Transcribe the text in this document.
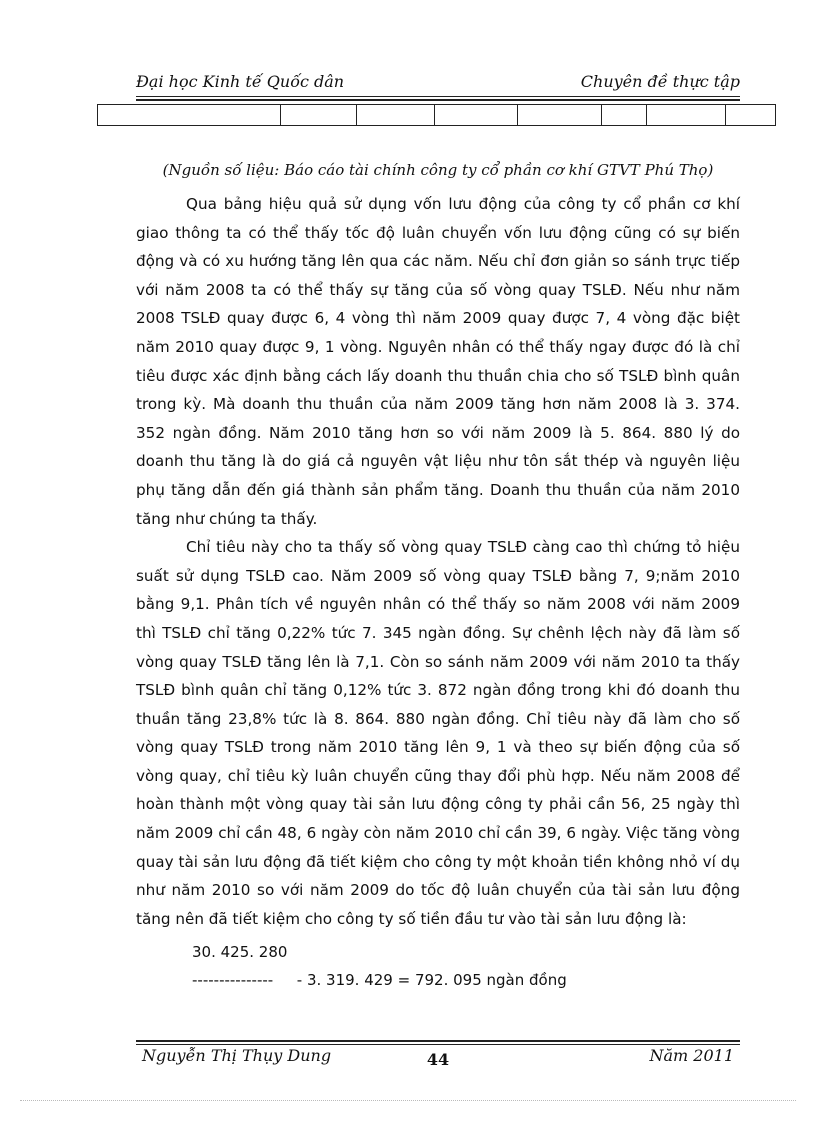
Đại học Kinh tế Quốc dân	Chuyên đề thực tập
(Nguồn số liệu: Báo cáo tài chính công ty cổ phần cơ khí GTVT Phú Thọ)

Qua bảng hiệu quả sử dụng vốn lưu động của công ty cổ phần cơ khí giao thông ta có thể thấy tốc độ luân chuyển vốn lưu động cũng có sự biến động và có xu hướng tăng lên qua các năm. Nếu chỉ đơn giản so sánh trực tiếp với năm 2008 ta có thể thấy sự tăng của số vòng quay TSLĐ. Nếu như năm 2008 TSLĐ quay được 6, 4 vòng thì năm 2009 quay được 7, 4 vòng đặc biệt năm 2010 quay được 9, 1 vòng. Nguyên nhân có thể thấy ngay được đó là chỉ tiêu được xác định bằng cách lấy doanh thu thuần chia cho số TSLĐ bình quân trong kỳ. Mà doanh thu thuần của năm 2009 tăng hơn năm 2008 là 3. 374. 352 ngàn đồng. Năm 2010 tăng hơn so với năm 2009 là 5. 864. 880 lý do doanh thu tăng là do giá cả nguyên vật liệu như tôn sắt thép và nguyên liệu phụ tăng dẫn đến giá thành sản phẩm tăng. Doanh thu thuần của năm 2010 tăng như chúng ta thấy.

Chỉ tiêu này cho ta thấy số vòng quay TSLĐ càng cao thì chứng tỏ hiệu suất sử dụng TSLĐ cao. Năm 2009 số vòng quay TSLĐ bằng 7, 9;năm 2010 bằng 9,1. Phân tích về nguyên nhân có thể thấy so năm 2008 với năm 2009 thì TSLĐ chỉ tăng 0,22% tức 7. 345 ngàn đồng. Sự chênh lệch này đã làm số vòng quay TSLĐ tăng lên là 7,1. Còn so sánh năm 2009 với năm 2010 ta thấy TSLĐ bình quân chỉ tăng 0,12% tức 3. 872 ngàn đồng trong khi đó doanh thu thuần tăng 23,8% tức là 8. 864. 880 ngàn đồng. Chỉ tiêu này đã làm cho số vòng quay TSLĐ trong năm 2010 tăng lên 9, 1 và theo sự biến động của số vòng quay, chỉ tiêu kỳ luân chuyển cũng thay đổi phù hợp. Nếu năm 2008 để hoàn thành một vòng quay tài sản lưu động công ty phải cần 56, 25 ngày thì năm 2009 chỉ cần 48, 6 ngày còn năm 2010 chỉ cần 39, 6 ngày. Việc tăng vòng quay tài sản lưu động đã tiết kiệm cho công ty một khoản tiền không nhỏ ví dụ như năm 2010 so với năm 2009 do tốc độ luân chuyển của tài sản lưu động tăng nên đã tiết kiệm cho công ty số tiền đầu tư vào tài sản lưu động là:

30. 425. 280
--------------- - 3. 319. 429 = 792. 095 ngàn đồng
Nguyễn Thị Thụy Dung	44	Năm 2011
